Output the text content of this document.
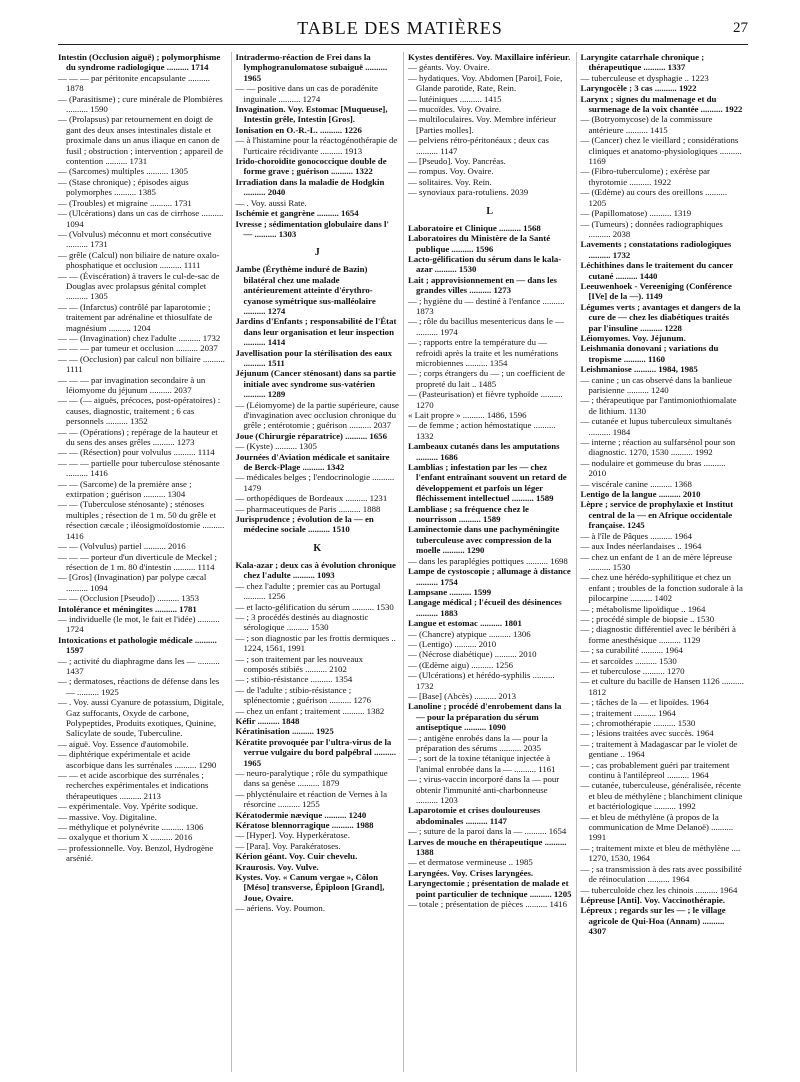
TABLE DES MATIÈRES	27

Intestin (Occlusion aiguë) ; polymorphisme du syndrome radiologique .......... 1714

— — — par péritonite encapsulante .......... 1878

— (Parasitisme) ; cure minérale de Plombières .......... 1590

— (Prolapsus) par retournement en doigt de gant des deux anses intestinales distale et proximale dans un anus iliaque en canon de fusil ; obstruction ; intervention ; appareil de contention .......... 1731

— (Sarcomes) multiples .......... 1305

— (Stase chronique) ; épisodes aigus polymorphes .......... 1385

— (Troubles) et migraine .......... 1731

— (Ulcérations) dans un cas de cirrhose .......... 1094

— (Volvulus) méconnu et mort consécutive .......... 1731

— grêle (Calcul) non biliaire de nature oxalo-phosphatique et occlusion .......... 1111

— — (Éviscération) à travers le cul-de-sac de Douglas avec prolapsus génital complet .......... 1305

— — (Infarctus) contrôlé par laparotomie ; traitement par adrénaline et thiosulfate de magnésium .......... 1204

— — (Invagination) chez l'adulte .......... 1732

— — — par tumeur et occlusion .......... 2037

— — (Occlusion) par calcul non biliaire .......... 1111

— — — par invagination secondaire à un léiomyome du jéjunum .......... 2037

— — (— aiguës, précoces, post-opératoires) : causes, diagnostic, traitement ; 6 cas personnels .......... 1352

— — (Opérations) ; repérage de la hauteur et du sens des anses grêles .......... 1273

— — (Résection) pour volvulus .......... 1114

— — — partielle pour tuberculose sténosante .......... 1416

— — (Sarcome) de la première anse ; extirpation ; guérison .......... 1304

— — (Tuberculose sténosante) ; sténoses multiples ; résection de 1 m. 50 du grêle et résection cæcale ; iléosigmoïdostomie .......... 1416

— — (Volvulus) partiel .......... 2016

— — — porteur d'un diverticule de Meckel ; résection de 1 m. 80 d'intestin .......... 1114

— [Gros] (Invagination) par polype cæcal .......... 1094

— — (Occlusion [Pseudo]) .......... 1353

Intolérance et méningites .......... 1781

— individuelle (le mot, le fait et l'idée) .......... 1724

Intoxications et pathologie médicale .......... 1597

— ; activité du diaphragme dans les — .......... 1437

— ; dermatoses, réactions de défense dans les — .......... 1925

— . Voy. aussi Cyanure de potassium, Digitale, Gaz suffocants, Oxyde de carbone, Polypeptides, Produits exotiques, Quinine, Salicylate de soude, Tuberculine.

— aiguë. Voy. Essence d'automobile.

— diphtérique expérimentale et acide ascorbique dans les surrénales .......... 1290

— — et acide ascorbique des surrénales ; recherches expérimentales et indications thérapeutiques .......... 2113

— expérimentale. Voy. Ypérite sodique.

— massive. Voy. Digitaline.

— méthylique et polynévrite .......... 1306

— oxalyque et thorium X .......... 2016

— professionnelle. Voy. Benzol, Hydrogène arsénié.

Intradermo-réaction de Frei dans la lymphogranulomatose subaiguë .......... 1965

— — positive dans un cas de poradénite inguinale .......... 1274

Invagination. Voy. Estomac [Muqueuse], Intestin grêle, Intestin [Gros].

Ionisation en O.-R.-L. .......... 1226

— à l'histamine pour la réactogénothérapie de l'urticaire récidivante .......... 1913

Irido-choroïdite gonococcique double de forme grave ; guérison .......... 1322

Irradiation dans la maladie de Hodgkin .......... 2040

— . Voy. aussi Rate.

Ischémie et gangrène .......... 1654

Ivresse ; sédimentation globulaire dans l' — .......... 1303

J

Jambe (Érythème induré de Bazin) bilatéral chez une malade antérieurement atteinte d'érythro-cyanose symétrique sus-malléolaire .......... 1274

Jardins d'Enfants ; responsabilité de l'État dans leur organisation et leur inspection .......... 1414

Javellisation pour la stérilisation des eaux .......... 1511

Jéjunum (Cancer sténosant) dans sa partie initiale avec syndrome sus-vatérien .......... 1289

— (Léiomyome) de la partie supérieure, cause d'invagination avec occlusion chronique du grêle ; entérotomie ; guérison .......... 2037

Joue (Chirurgie réparatrice) .......... 1656

— (Kyste) .......... 1305

Journées d'Aviation médicale et sanitaire de Berck-Plage .......... 1342

— médicales belges ; l'endocrinologie .......... 1479

— orthopédiques de Bordeaux .......... 1231

— pharmaceutiques de Paris .......... 1888

Jurisprudence ; évolution de la — en médecine sociale .......... 1510

K

Kala-azar ; deux cas à évolution chronique chez l'adulte .......... 1093

— chez l'adulte ; premier cas au Portugal .......... 1256

— et lacto-gélification du sérum .......... 1530

— ; 3 procédés destinés au diagnostic sérologique .......... 1530

— ; son diagnostic par les frottis dermiques .. 1224, 1561, 1991

— ; son traitement par les nouveaux composés stibiés .......... 2102

— ; stibio-résistance .......... 1354

— de l'adulte ; stibio-résistance ; splénectomie ; guérison .......... 1276

— chez un enfant ; traitement .......... 1382

Kéfir .......... 1848

Kératinisation .......... 1925

Kératite provoquée par l'ultra-virus de la verrue vulgaire du bord palpébral .......... 1965

— neuro-paralytique ; rôle du sympathique dans sa genèse .......... 1879

— phlycténulaire et réaction de Vernes à la résorcine .......... 1255

Kératodermie nævique .......... 1240

Kératose blennorragique .......... 1988

— [Hyper]. Voy. Hyperkératose.

— [Para]. Voy. Parakératoses.

Kérion géant. Voy. Cuir chevelu.

Kraurosis. Voy. Vulve.

Kystes. Voy. « Canum vergae », Côlon [Méso] transverse, Épiploon [Grand], Joue, Ovaire.

— aériens. Voy. Poumon.

Kystes dentifères. Voy. Maxillaire inférieur.

— géants. Voy. Ovaire.

— hydatiques. Voy. Abdomen [Paroi], Foie, Glande parotide, Rate, Rein.

— lutéiniques .......... 1415

— mucoïdes. Voy. Ovaire.

— multiloculaires. Voy. Membre inférieur [Parties molles].

— pelviens rétro-péritonéaux ; deux cas .......... 1147

— [Pseudo]. Voy. Pancréas.

— rompus. Voy. Ovaire.

— solitaires. Voy. Rein.

— synoviaux para-rotuliens. 2039

L

Laboratoire et Clinique .......... 1568

Laboratoires du Ministère de la Santé publique .......... 1596

Lacto-gélification du sérum dans le kala-azar .......... 1530

Lait ; approvisionnement en — dans les grandes villes .......... 1273

— ; hygiène du — destiné à l'enfance .......... 1873

— ; rôle du bacillus mesentericus dans le — .......... 1974

— ; rapports entre la température du — refroidi après la traite et les numérations microbiennes .......... 1354

— ; corps étrangers du — ; un coefficient de propreté du lait .. 1485

— (Pasteurisation) et fièvre typhoïde .......... 1270

« Lait propre » .......... 1486, 1596

— de femme ; action hémostatique .......... 1332

Lambeaux cutanés dans les amputations .......... 1686

Lamblias ; infestation par les — chez l'enfant entraînant souvent un retard de développement et parfois un léger fléchissement intellectuel .......... 1589

Lambliase ; sa fréquence chez le nourrisson .......... 1589

Laminectomie dans une pachyméningite tuberculeuse avec compression de la moelle .......... 1290

— dans les paraplégies pottiques .......... 1698

Lampe de cystoscopie ; allumage à distance .......... 1754

Lampsane .......... 1599

Langage médical ; l'écueil des désinences .......... 1883

Langue et estomac .......... 1801

— (Chancre) atypique .......... 1306

— (Lentigo) .......... 2010

— (Nécrose diabétique) .......... 2010

— (Œdème aigu) .......... 1256

— (Ulcérations) et hérédo-syphilis .......... 1732

— [Base] (Abcès) .......... 2013

Lanoline ; procédé d'enrobement dans la — pour la préparation du sérum antiseptique .......... 1090

— ; antigène enrobés dans la — pour la préparation des sérums .......... 2035

— ; sort de la toxine tétanique injectée à l'animal enrobée dans la — .......... 1161

— ; virus-vaccin incorporé dans la — pour obtenir l'immunité anti-charbonneuse .......... 1203

Laparotomie et crises douloureuses abdominales .......... 1147

— ; suture de la paroi dans la — .......... 1654

Larves de mouche en thérapeutique .......... 1388

— et dermatose vermineuse .. 1985

Laryngées. Voy. Crises laryngées.

Laryngectomie ; présentation de malade et point particulier de technique .......... 1205

— totale ; présentation de pièces .......... 1416

Laryngite catarrhale chronique ; thérapeutique .......... 1337

— tuberculeuse et dysphagie .. 1223

Laryngocèle ; 3 cas .......... 1922

Larynx ; signes du malmenage et du surmenage de la voix chantée .......... 1922

— (Botryomycose) de la commissure antérieure .......... 1415

— (Cancer) chez le vieillard ; considérations cliniques et anatomo-physiologiques .......... 1169

— (Fibro-tuberculome) ; exérèse par thyrotomie .......... 1922

— (Œdème) au cours des oreillons .......... 1205

— (Papillomatose) .......... 1319

— (Tumeurs) ; données radiographiques .......... 2038

Lavements ; constatations radiologiques .......... 1732

Léchithines dans le traitement du cancer cutané .......... 1440

Leeuwenhoek - Vereeniging (Conférence [IVe] de la —). 1149

Légumes verts ; avantages et dangers de la cure de — chez les diabétiques traités par l'insuline .......... 1228

Léiomyomes. Voy. Jéjunum.

Leishmania donovani ; variations du tropisme .......... 1160

Leishmaniose .......... 1984, 1985

— canine ; un cas observé dans la banlieue parisienne .......... 1240

— ; thérapeutique par l'antimoniothiomalate de lithium. 1130

— cutanée et lupus tuberculeux simultanés .......... 1984

— interne ; réaction au sulfarsénol pour son diagnostic. 1270, 1530 .......... 1992

— nodulaire et gommeuse du bras .......... 2010

— viscérale canine .......... 1368

Lentigo de la langue .......... 2010

Lèpre ; service de prophylaxie et Institut central de la — en Afrique occidentale française. 1245

— à l'île de Pâques .......... 1964

— aux Indes néerlandaises .. 1964

— chez un enfant de 1 an de mère lépreuse .......... 1530

— chez une hérédo-syphilitique et chez un enfant ; troubles de la fonction sudorale à la pilocarpine .......... 1402

— ; métabolisme lipoïdique .. 1964

— ; procédé simple de biopsie .. 1530

— ; diagnostic différentiel avec le béribéri à forme anesthésique .......... 1129

— ; sa curabilité .......... 1964

— et sarcoïdes .......... 1530

— et tuberculose .......... 1270

— et culture du bacille de Hansen 1126 .......... 1812

— ; tâches de la — et lipoïdes. 1964

— ; traitement .......... 1964

— ; chromothérapie .......... 1530

— ; lésions traitées avec succès. 1964

— ; traitement à Madagascar par le violet de gentiane .. 1964

— ; cas probablement guéri par traitement continu à l'antilépreol .......... 1964

— cutanée, tuberculeuse, généralisée, récente et bleu de méthylène ; blanchiment clinique et bactériologique .......... 1992

— et bleu de méthylène (à propos de la communication de Mme Delanoë) .......... 1991

— ; traitement mixte et bleu de méthylène .... 1270, 1530, 1964

— ; sa transmission à des rats avec possibilité de réinoculation .......... 1964

— tuberculoïde chez les chinois .......... 1964

Lépreuse [Anti]. Voy. Vaccinothérapie.

Lépreux ; regards sur les — ; le village agricole de Qui-Hoa (Annam) .......... 4307
